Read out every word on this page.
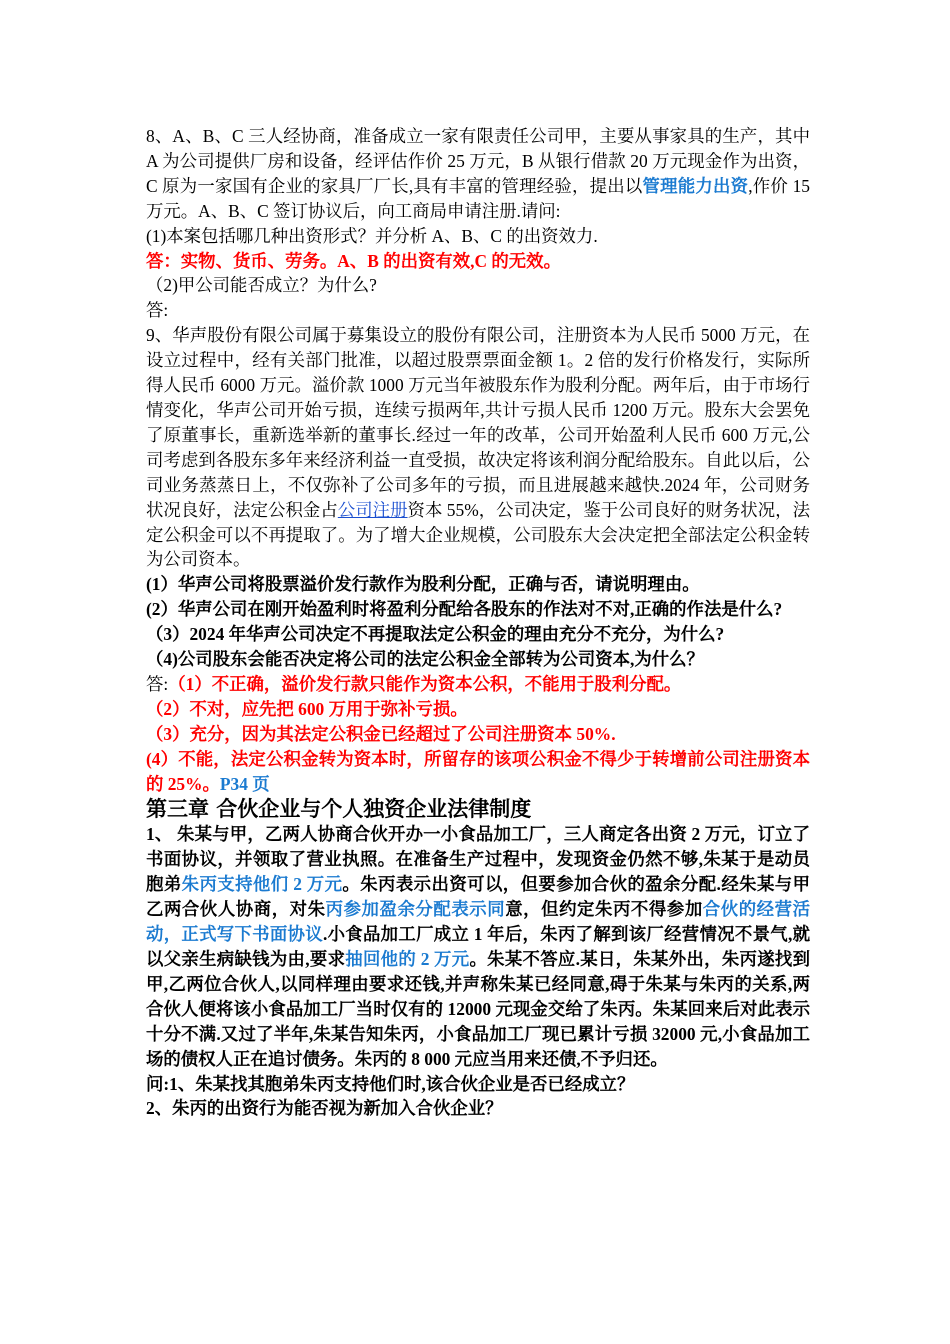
8、A、B、C 三人经协商，准备成立一家有限责任公司甲，主要从事家具的生产，其中 A 为公司提供厂房和设备，经评估作价 25 万元，B 从银行借款 20 万元现金作为出资，C 原为一家国有企业的家具厂厂长,具有丰富的管理经验，提出以管理能力出资,作价 15 万元。A、B、C 签订协议后，向工商局申请注册.请问:

(1)本案包括哪几种出资形式？并分析 A、B、C 的出资效力.

答：实物、货币、劳务。A、B 的出资有效,C 的无效。

（2)甲公司能否成立？为什么?

答:

9、华声股份有限公司属于募集设立的股份有限公司，注册资本为人民币 5000 万元，在设立过程中，经有关部门批准，以超过股票票面金额 1。2 倍的发行价格发行，实际所得人民币 6000 万元。溢价款 1000 万元当年被股东作为股利分配。两年后，由于市场行情变化，华声公司开始亏损，连续亏损两年,共计亏损人民币 1200 万元。股东大会罢免了原董事长，重新选举新的董事长.经过一年的改革，公司开始盈利人民币 600 万元,公司考虑到各股东多年来经济利益一直受损，故决定将该利润分配给股东。自此以后，公司业务蒸蒸日上，不仅弥补了公司多年的亏损，而且进展越来越快.2024 年，公司财务状况良好，法定公积金占公司注册资本 55%，公司决定，鉴于公司良好的财务状况，法定公积金可以不再提取了。为了增大企业规模，公司股东大会决定把全部法定公积金转为公司资本。

(1）华声公司将股票溢价发行款作为股利分配，正确与否，请说明理由。

(2）华声公司在刚开始盈利时将盈利分配给各股东的作法对不对,正确的作法是什么?

（3）2024 年华声公司决定不再提取法定公积金的理由充分不充分，为什么?

（4)公司股东会能否决定将公司的法定公积金全部转为公司资本,为什么？

答:（1）不正确，溢价发行款只能作为资本公积，不能用于股利分配。

（2）不对，应先把 600 万用于弥补亏损。

（3）充分，因为其法定公积金已经超过了公司注册资本 50%.

(4）不能，法定公积金转为资本时，所留存的该项公积金不得少于转增前公司注册资本的 25%。P34 页

第三章 合伙企业与个人独资企业法律制度

1、 朱某与甲，乙两人协商合伙开办一小食品加工厂，三人商定各出资 2 万元，订立了书面协议，并领取了营业执照。在准备生产过程中，发现资金仍然不够,朱某于是动员胞弟朱丙支持他们 2 万元。朱丙表示出资可以，但要参加合伙的盈余分配.经朱某与甲乙两合伙人协商，对朱丙参加盈余分配表示同意，但约定朱丙不得参加合伙的经营活动，正式写下书面协议.小食品加工厂成立 1 年后，朱丙了解到该厂经营情况不景气,就以父亲生病缺钱为由,要求抽回他的 2 万元。朱某不答应.某日，朱某外出，朱丙遂找到甲,乙两位合伙人,以同样理由要求还钱,并声称朱某已经同意,碍于朱某与朱丙的关系,两合伙人便将该小食品加工厂当时仅有的 12000 元现金交给了朱丙。朱某回来后对此表示十分不满.又过了半年,朱某告知朱丙，小食品加工厂现已累计亏损 32000 元,小食品加工场的债权人正在追讨债务。朱丙的 8 000 元应当用来还债,不予归还。

问:1、朱某找其胞弟朱丙支持他们时,该合伙企业是否已经成立？

2、朱丙的出资行为能否视为新加入合伙企业？
